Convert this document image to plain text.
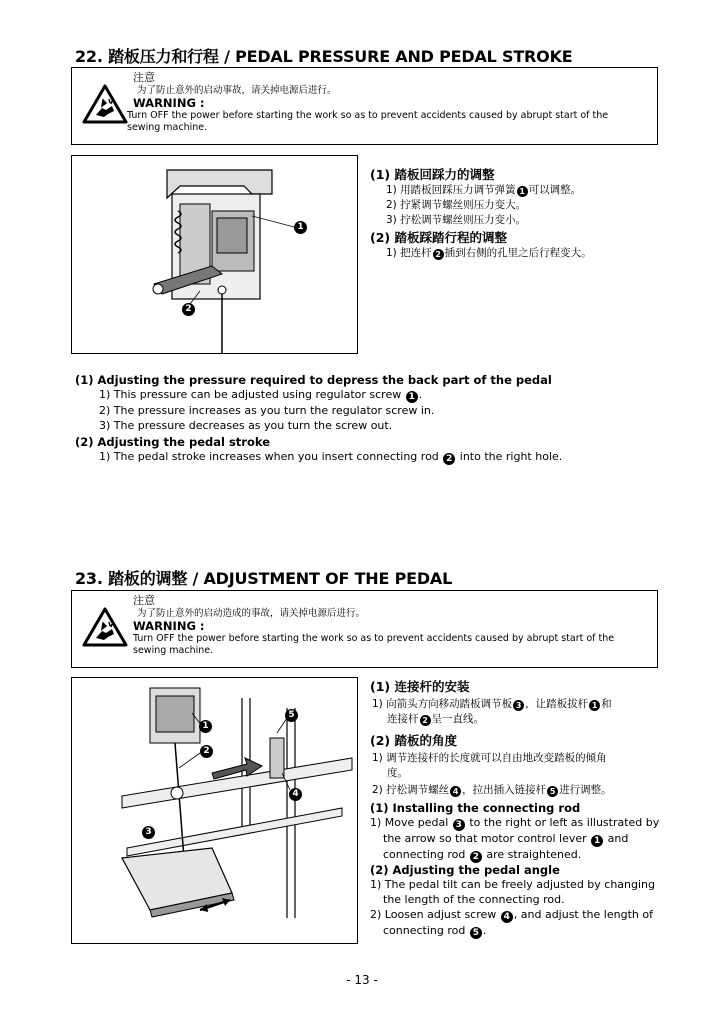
22. 踏板压力和行程 / PEDAL PRESSURE AND PEDAL STROKE
注意
为了防止意外的启动事故，请关掉电源后进行。
WARNING :
Turn OFF the power before starting the work so as to prevent accidents caused by abrupt start of the
sewing machine.
1
2
(1) 踏板回踩力的调整
1) 用踏板回踩压力调节弹簧 1 可以调整。
2) 拧紧调节螺丝则压力变大。
3) 拧松调节螺丝则压力变小。
(2) 踏板踩踏行程的调整
1) 把连杆 2 插到右侧的孔里之后行程变大。
(1) Adjusting the pressure required to depress the back part of the pedal
1) This pressure can be adjusted using regulator screw 1 .
2) The pressure increases as you turn the regulator screw in.
3) The pressure decreases as you turn the screw out.
(2) Adjusting the pedal stroke
1) The pedal stroke increases when you insert connecting rod 2 into the right hole.
23. 踏板的调整 / ADJUSTMENT OF THE PEDAL
注意
为了防止意外的启动造成的事故，请关掉电源后进行。
WARNING :
Turn OFF the power before starting the work so as to prevent accidents caused by abrupt start of the
sewing machine.
1
2
3
4
5
(1) 连接杆的安装
1) 向箭头方向移动踏板调节板 3 ，让踏板拔杆 1 和
连接杆 2 呈一直线。
(2) 踏板的角度
1) 调节连接杆的长度就可以自由地改变踏板的倾角
度。
2) 拧松调节螺丝 4 ，拉出插入链接杆 5 进行调整。
(1) Installing the connecting rod
1) Move pedal 3 to the right or left as illustrated by
the arrow so that motor control lever 1 and
connecting rod 2 are straightened.
(2) Adjusting the pedal angle
1) The pedal tilt can be freely adjusted by changing
the length of the connecting rod.
2) Loosen adjust screw 4 , and adjust the length of
connecting rod 5 .
- 13 -
